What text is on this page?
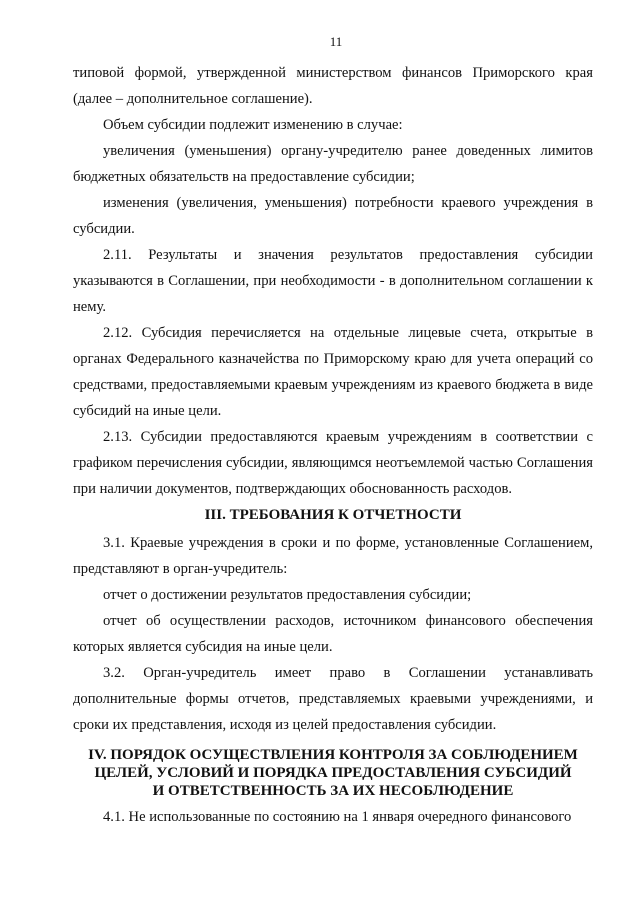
11

типовой формой, утвержденной министерством финансов Приморского края (далее – дополнительное соглашение).

Объем субсидии подлежит изменению в случае:

увеличения (уменьшения) органу-учредителю ранее доведенных лимитов бюджетных обязательств на предоставление субсидии;

изменения (увеличения, уменьшения) потребности краевого учреждения в субсидии.

2.11. Результаты и значения результатов предоставления субсидии указываются в Соглашении, при необходимости - в дополнительном соглашении к нему.

2.12. Субсидия перечисляется на отдельные лицевые счета, открытые в органах Федерального казначейства по Приморскому краю для учета операций со средствами, предоставляемыми краевым учреждениям из краевого бюджета в виде субсидий на иные цели.

2.13. Субсидии предоставляются краевым учреждениям в соответствии с графиком перечисления субсидии, являющимся неотъемлемой частью Соглашения при наличии документов, подтверждающих обоснованность расходов.

III. ТРЕБОВАНИЯ К ОТЧЕТНОСТИ

3.1. Краевые учреждения в сроки и по форме, установленные Соглашением, представляют в орган-учредитель:

отчет о достижении результатов предоставления субсидии;

отчет об осуществлении расходов, источником финансового обеспечения которых является субсидия на иные цели.

3.2. Орган-учредитель имеет право в Соглашении устанавливать дополнительные формы отчетов, представляемых краевыми учреждениями, и сроки их представления, исходя из целей предоставления субсидии.

IV. ПОРЯДОК ОСУЩЕСТВЛЕНИЯ КОНТРОЛЯ ЗА СОБЛЮДЕНИЕМ
ЦЕЛЕЙ, УСЛОВИЙ И ПОРЯДКА ПРЕДОСТАВЛЕНИЯ СУБСИДИЙ
И ОТВЕТСТВЕННОСТЬ ЗА ИХ НЕСОБЛЮДЕНИЕ

4.1. Не использованные по состоянию на 1 января очередного финансового
